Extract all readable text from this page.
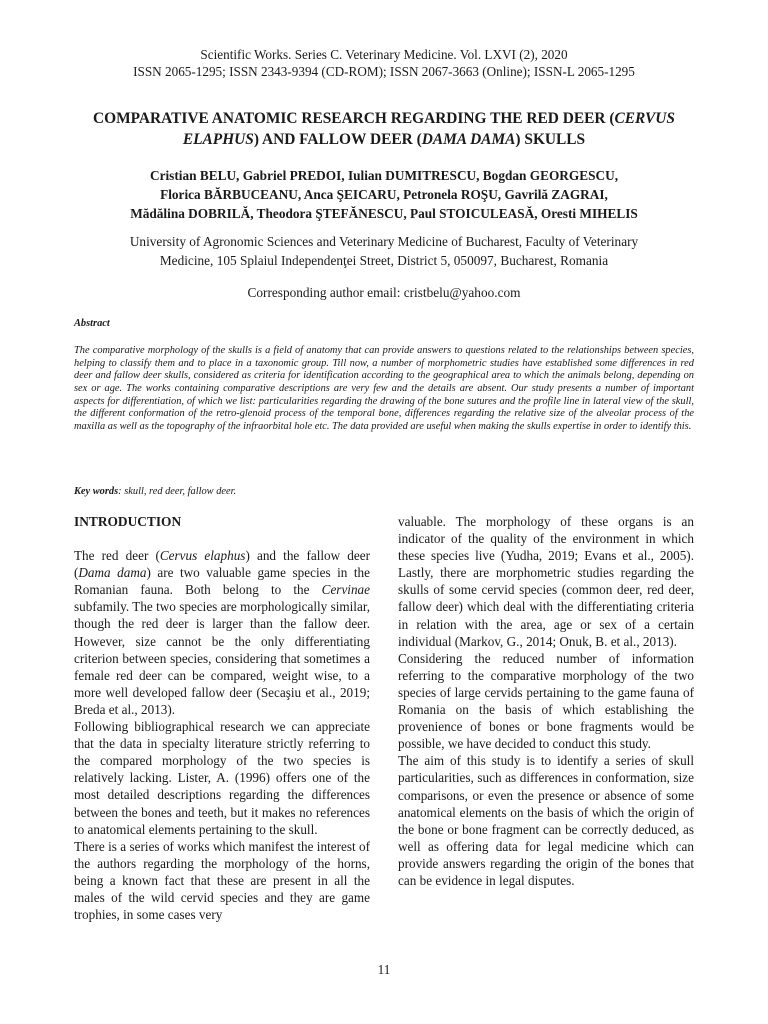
Scientific Works. Series C. Veterinary Medicine. Vol. LXVI (2), 2020
ISSN 2065-1295; ISSN 2343-9394 (CD-ROM); ISSN 2067-3663 (Online); ISSN-L 2065-1295
COMPARATIVE ANATOMIC RESEARCH REGARDING THE RED DEER (CERVUS ELAPHUS) AND FALLOW DEER (DAMA DAMA) SKULLS
Cristian BELU, Gabriel PREDOI, Iulian DUMITRESCU, Bogdan GEORGESCU,
Florica BĂRBUCEANU, Anca ŞEICARU, Petronela ROŞU, Gavrilă ZAGRAI,
Mădălina DOBRILĂ, Theodora ŞTEFĂNESCU, Paul STOICULEASĂ, Oresti MIHELIS
University of Agronomic Sciences and Veterinary Medicine of Bucharest, Faculty of Veterinary
Medicine, 105 Splaiul Independenţei Street, District 5, 050097, Bucharest, Romania
Corresponding author email: cristbelu@yahoo.com
Abstract
The comparative morphology of the skulls is a field of anatomy that can provide answers to questions related to the relationships between species, helping to classify them and to place in a taxonomic group. Till now, a number of morphometric studies have established some differences in red deer and fallow deer skulls, considered as criteria for identification according to the geographical area to which the animals belong, depending on sex or age. The works containing comparative descriptions are very few and the details are absent. Our study presents a number of important aspects for differentiation, of which we list: particularities regarding the drawing of the bone sutures and the profile line in lateral view of the skull, the different conformation of the retro-glenoid process of the temporal bone, differences regarding the relative size of the alveolar process of the maxilla as well as the topography of the infraorbital hole etc. The data provided are useful when making the skulls expertise in order to identify this.
Key words: skull, red deer, fallow deer.

INTRODUCTION

The red deer (Cervus elaphus) and the fallow deer (Dama dama) are two valuable game species in the Romanian fauna. Both belong to the Cervinae subfamily. The two species are morphologically similar, though the red deer is larger than the fallow deer. However, size cannot be the only differentiating criterion between species, considering that sometimes a female red deer can be compared, weight wise, to a more well developed fallow deer (Secaşiu et al., 2019; Breda et al., 2013).

Following bibliographical research we can appreciate that the data in specialty literature strictly referring to the compared morphology of the two species is relatively lacking. Lister, A. (1996) offers one of the most detailed descriptions regarding the differences between the bones and teeth, but it makes no references to anatomical elements pertaining to the skull.

There is a series of works which manifest the interest of the authors regarding the morphology of the horns, being a known fact that these are present in all the males of the wild cervid species and they are game trophies, in some cases very

valuable. The morphology of these organs is an indicator of the quality of the environment in which these species live (Yudha, 2019; Evans et al., 2005). Lastly, there are morphometric studies regarding the skulls of some cervid species (common deer, red deer, fallow deer) which deal with the differentiating criteria in relation with the area, age or sex of a certain individual (Markov, G., 2014; Onuk, B. et al., 2013).

Considering the reduced number of information referring to the comparative morphology of the two species of large cervids pertaining to the game fauna of Romania on the basis of which establishing the provenience of bones or bone fragments would be possible, we have decided to conduct this study.

The aim of this study is to identify a series of skull particularities, such as differences in conformation, size comparisons, or even the presence or absence of some anatomical elements on the basis of which the origin of the bone or bone fragment can be correctly deduced, as well as offering data for legal medicine which can provide answers regarding the origin of the bones that can be evidence in legal disputes.

11
